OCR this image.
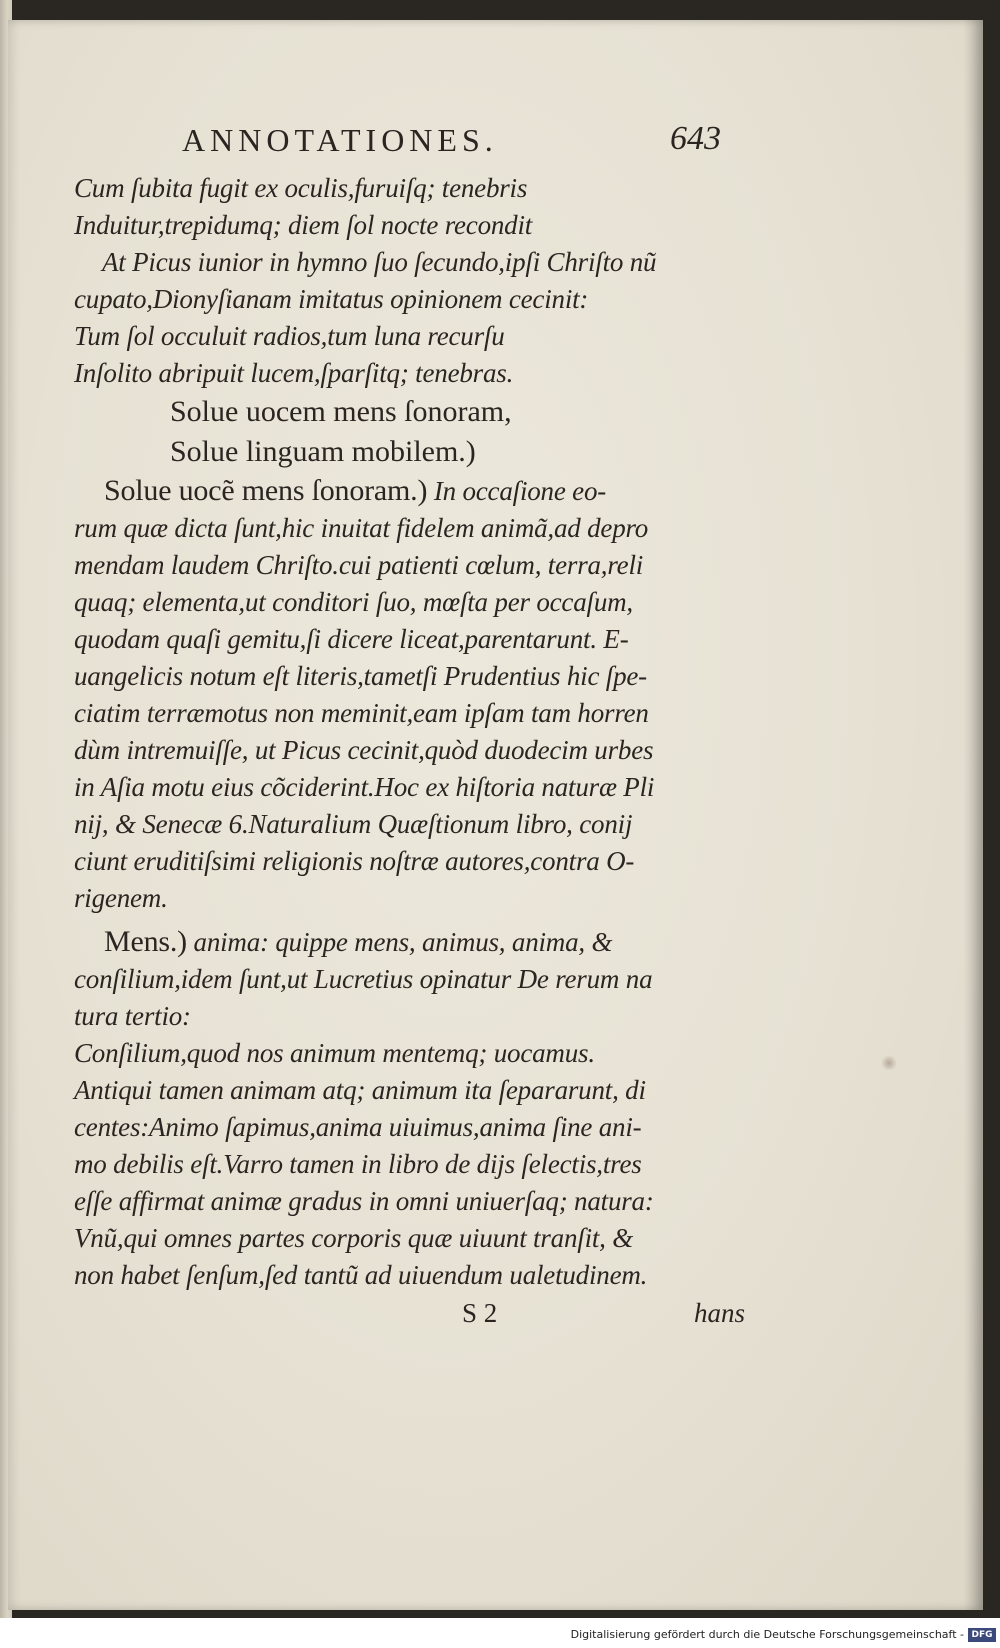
ANNOTATIONES.	643
Cum ſubita fugit ex oculis,furuiſq; tenebris
Induitur,trepidumq; diem ſol nocte recondit
At Picus iunior in hymno ſuo ſecundo,ipſi Chriſto nũ
cupato,Dionyſianam imitatus opinionem cecinit:
Tum ſol occuluit radios,tum luna recurſu
Inſolito abripuit lucem,ſparſitq; tenebras.
Solue uocem mens ſonoram,
Solue linguam mobilem.)
Solue uocẽ mens ſonoram.) In occaſione eo-
rum quæ dicta ſunt,hic inuitat fidelem animã,ad depro
mendam laudem Chriſto.cui patienti cœlum, terra,reli
quaq; elementa,ut conditori ſuo, mœſta per occaſum,
quodam quaſi gemitu,ſi dicere liceat,parentarunt. E-
uangelicis notum eſt literis,tametſi Prudentius hic ſpe-
ciatim terræmotus non meminit,eam ipſam tam horren
dùm intremuiſſe, ut Picus cecinit,quòd duodecim urbes
in Aſia motu eius cõciderint.Hoc ex hiſtoria naturæ Pli
nij, & Senecæ 6.Naturalium Quæſtionum libro, conij
ciunt eruditiſsimi religionis noſtræ autores,contra O-
rigenem.
Mens.) anima: quippe mens, animus, anima, &
conſilium,idem ſunt,ut Lucretius opinatur De rerum na
tura tertio:
Conſilium,quod nos animum mentemq; uocamus.
Antiqui tamen animam atq; animum ita ſepararunt, di
centes:Animo ſapimus,anima uiuimus,anima ſine ani-
mo debilis eſt.Varro tamen in libro de dijs ſelectis,tres
eſſe affirmat animæ gradus in omni uniuerſaq; natura:
Vnũ,qui omnes partes corporis quæ uiuunt tranſit, &
non habet ſenſum,ſed tantũ ad uiuendum ualetudinem.
S 2	hans
Digitalisierung gefördert durch die Deutsche Forschungsgemeinschaft - DFG
